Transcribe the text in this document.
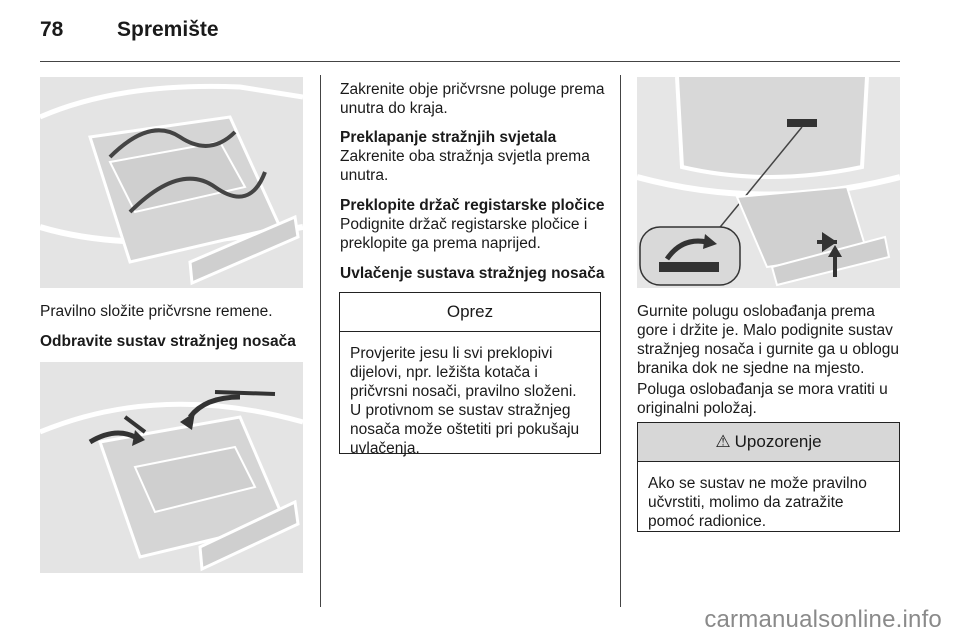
78	Spremište

Pravilno složite pričvrsne remene.

Odbravite sustav stražnjeg nosača

Zakrenite obje pričvrsne poluge prema unutra do kraja.

Preklapanje stražnjih svjetala

Zakrenite oba stražnja svjetla prema unutra.

Preklopite držač registarske pločice

Podignite držač registarske pločice i preklopite ga prema naprijed.

Uvlačenje sustava stražnjeg nosača

Oprez
Provjerite jesu li svi preklopivi dijelovi, npr. ležišta kotača i pričvrsni nosači, pravilno složeni. U protivnom se sustav stražnjeg nosača može oštetiti pri pokušaju uvlačenja.

Gurnite polugu oslobađanja prema gore i držite je. Malo podignite sustav stražnjeg nosača i gurnite ga u oblogu branika dok ne sjedne na mjesto.

Poluga oslobađanja se mora vratiti u originalni položaj.

⚠ Upozorenje
Ako se sustav ne može pravilno učvrstiti, molimo da zatražite pomoć radionice.
carmanualsonline.info
